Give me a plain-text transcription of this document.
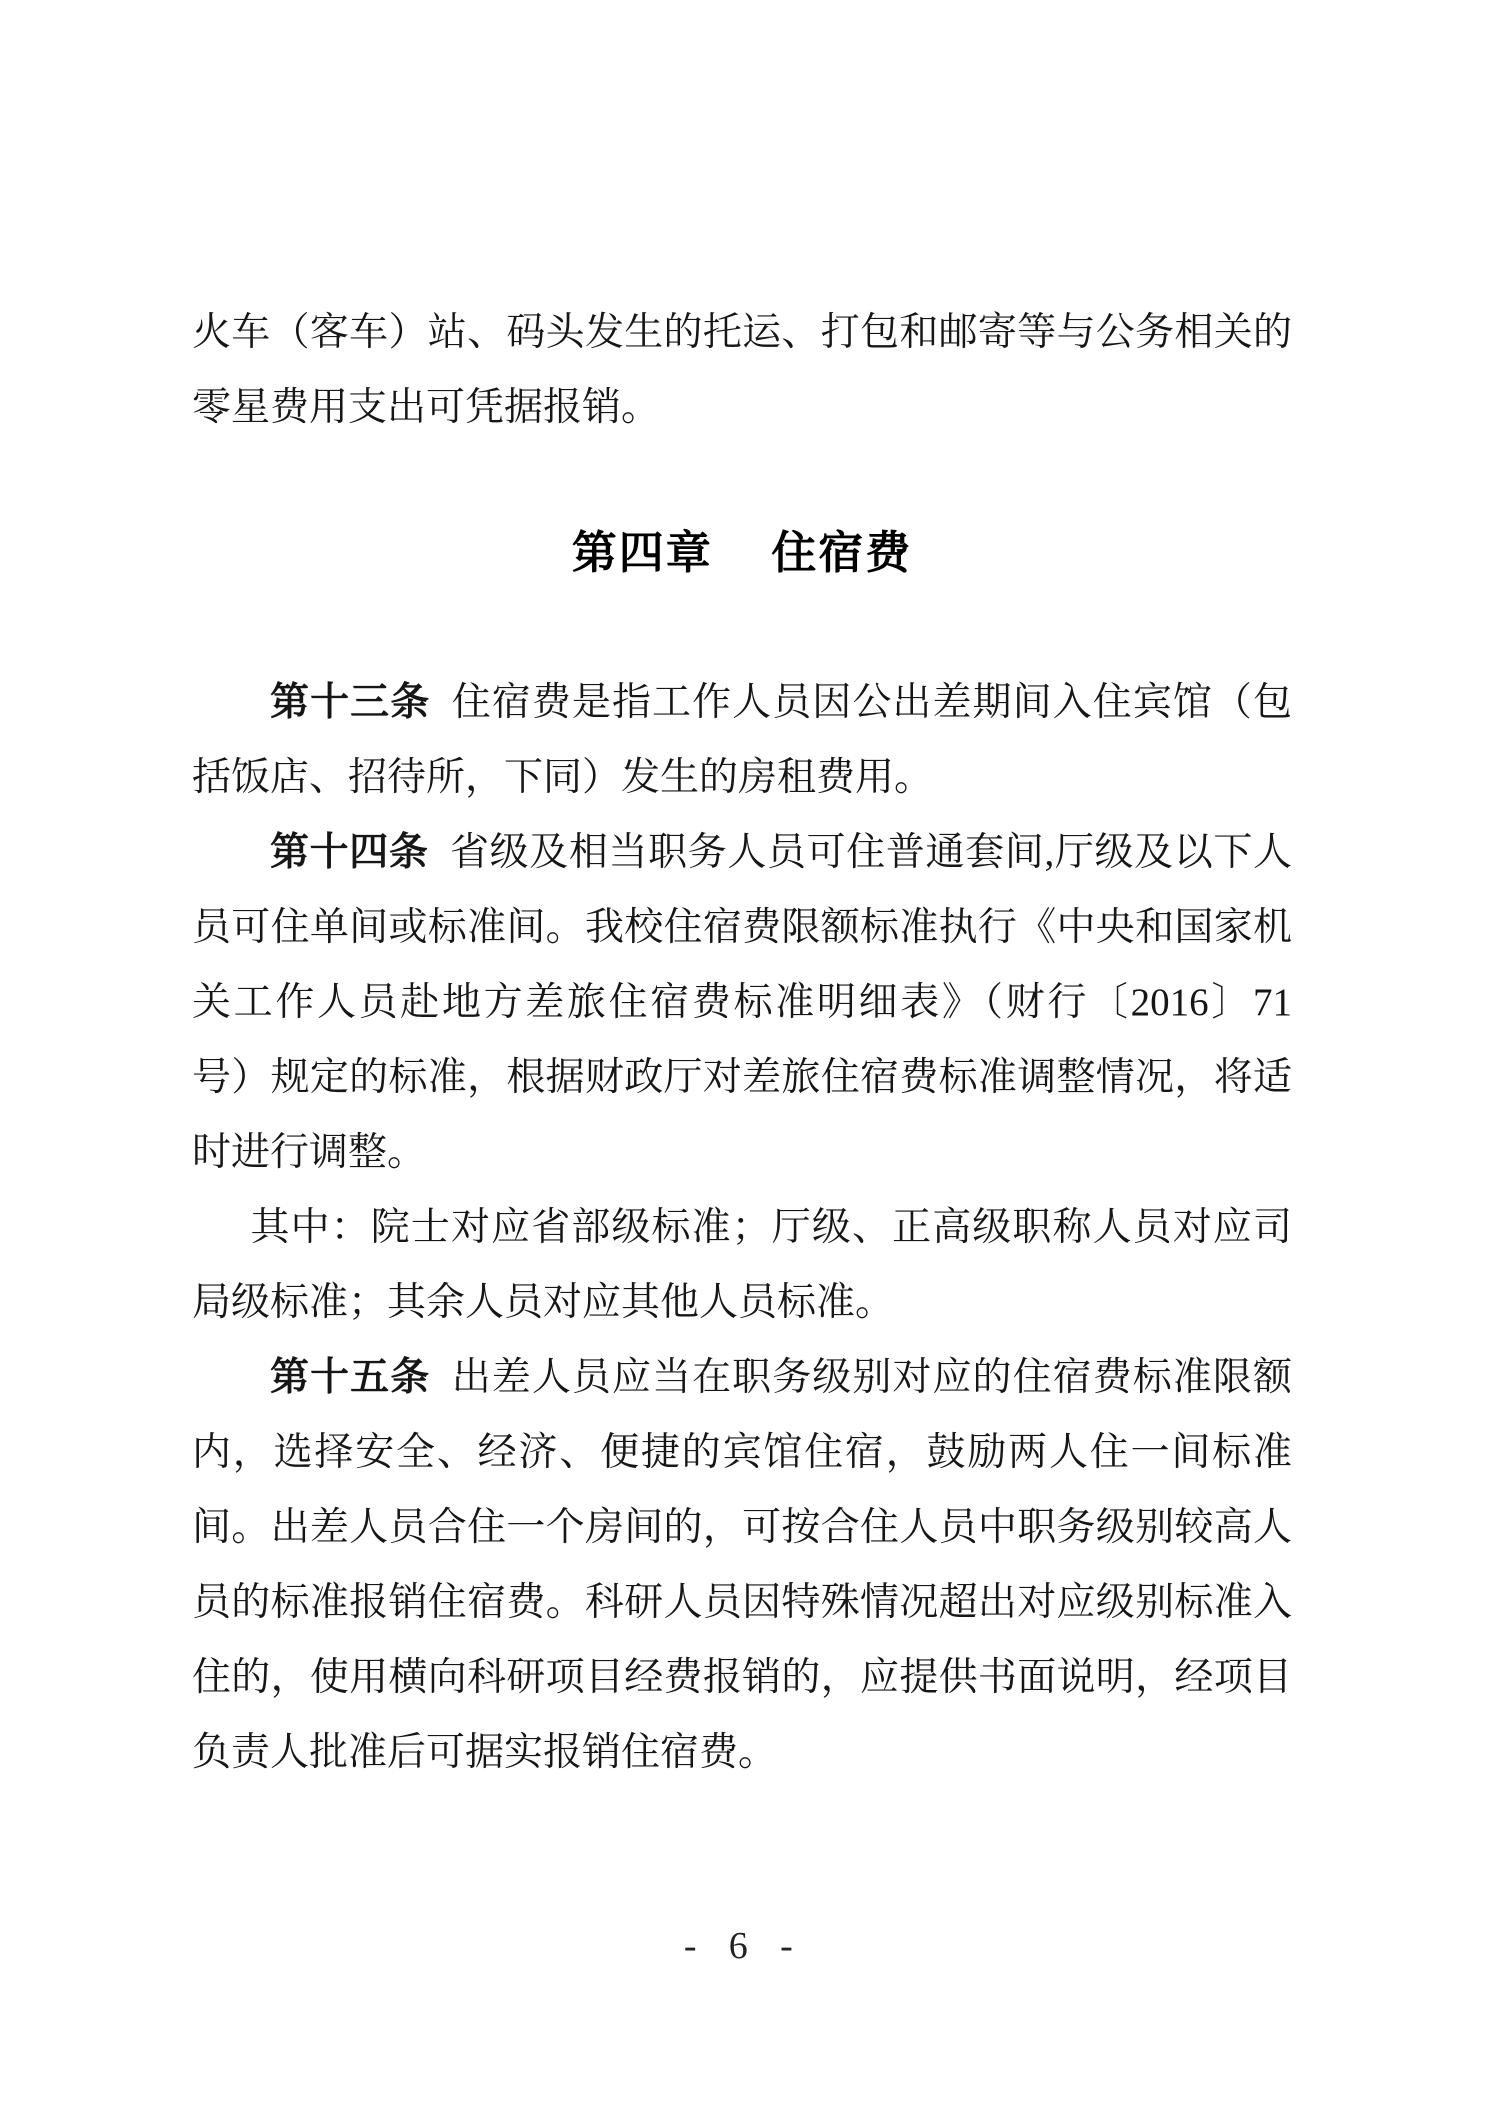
火车（客车）站、码头发生的托运、打包和邮寄等与公务相关的零星费用支出可凭据报销。

第四章 住宿费

第十三条 住宿费是指工作人员因公出差期间入住宾馆（包括饭店、招待所，下同）发生的房租费用。

第十四条 省级及相当职务人员可住普通套间,厅级及以下人员可住单间或标准间。我校住宿费限额标准执行《中央和国家机关工作人员赴地方差旅住宿费标准明细表》（财行〔2016〕71 号）规定的标准，根据财政厅对差旅住宿费标准调整情况，将适时进行调整。

其中：院士对应省部级标准；厅级、正高级职称人员对应司局级标准；其余人员对应其他人员标准。

第十五条 出差人员应当在职务级别对应的住宿费标准限额内，选择安全、经济、便捷的宾馆住宿，鼓励两人住一间标准间。出差人员合住一个房间的，可按合住人员中职务级别较高人员的标准报销住宿费。科研人员因特殊情况超出对应级别标准入住的，使用横向科研项目经费报销的，应提供书面说明，经项目负责人批准后可据实报销住宿费。

- 6 -
